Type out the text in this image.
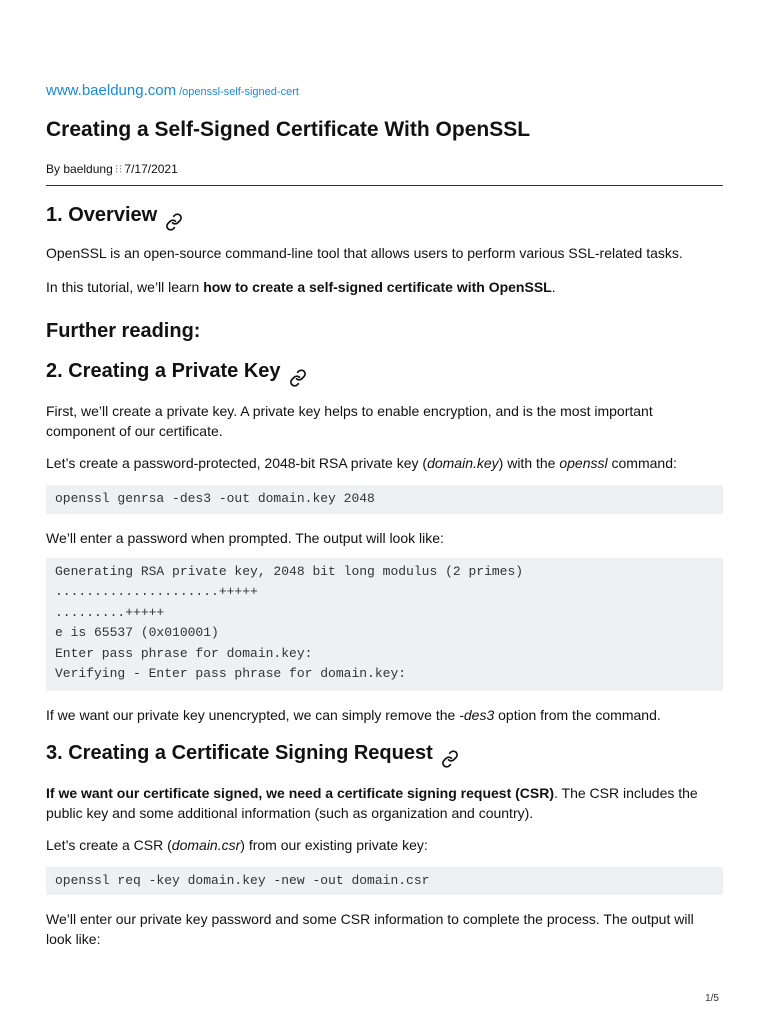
www.baeldung.com /openssl-self-signed-cert
Creating a Self-Signed Certificate With OpenSSL
By baeldung ⁝⁝ 7/17/2021
1. Overview

OpenSSL is an open-source command-line tool that allows users to perform various SSL-related tasks.

In this tutorial, we’ll learn how to create a self-signed certificate with OpenSSL.

Further reading:
2. Creating a Private Key

First, we’ll create a private key. A private key helps to enable encryption, and is the most important component of our certificate.

Let’s create a password-protected, 2048-bit RSA private key (domain.key) with the openssl command:

openssl genrsa -des3 -out domain.key 2048

We’ll enter a password when prompted. The output will look like:

Generating RSA private key, 2048 bit long modulus (2 primes)
.....................+++++
.........+++++
e is 65537 (0x010001)
Enter pass phrase for domain.key:
Verifying - Enter pass phrase for domain.key:

If we want our private key unencrypted, we can simply remove the -des3 option from the command.

3. Creating a Certificate Signing Request

If we want our certificate signed, we need a certificate signing request (CSR). The CSR includes the public key and some additional information (such as organization and country).

Let’s create a CSR (domain.csr) from our existing private key:

openssl req -key domain.key -new -out domain.csr

We’ll enter our private key password and some CSR information to complete the process. The output will look like:

1/5
